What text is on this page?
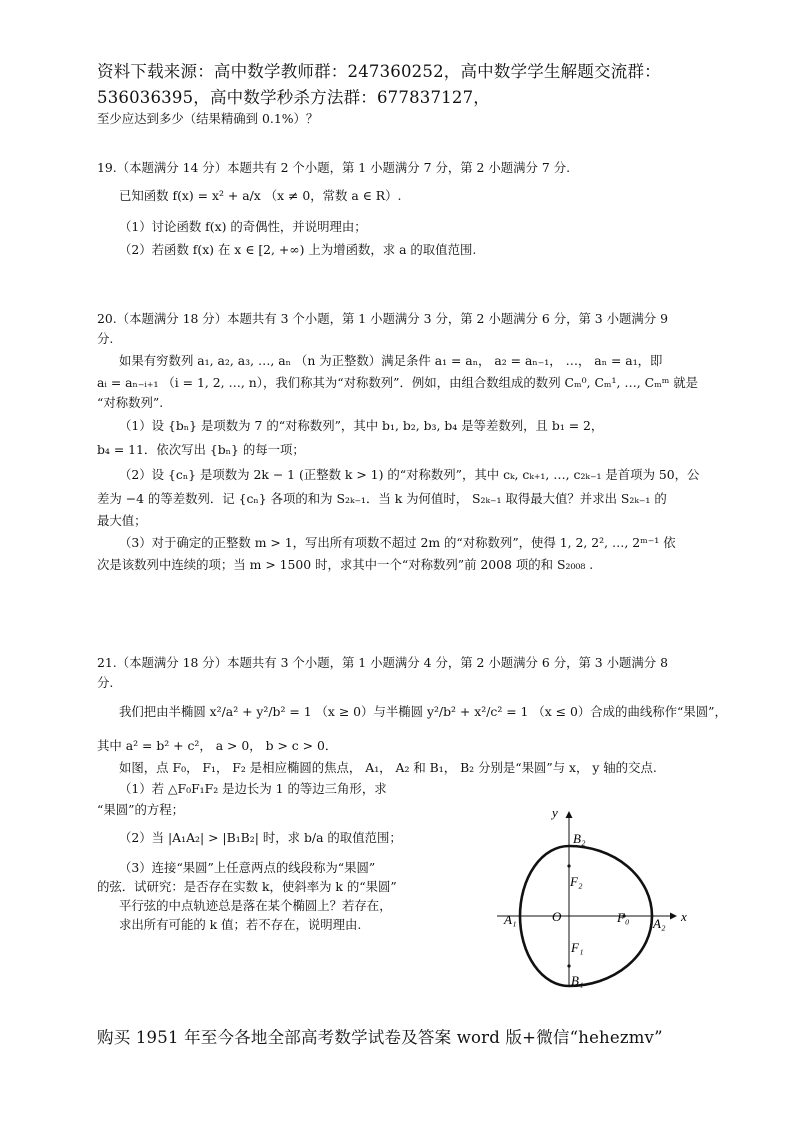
资料下载来源：高中数学教师群：247360252，高中数学学生解题交流群：
536036395，高中数学秒杀方法群：677837127，
至少应达到多少（结果精确到 0.1%）？
19.（本题满分 14 分）本题共有 2 个小题，第 1 小题满分 7 分，第 2 小题满分 7 分.
已知函数 f(x) = x² + a/x （x ≠ 0，常数 a ∈ R）.
（1）讨论函数 f(x) 的奇偶性，并说明理由；
（2）若函数 f(x) 在 x ∈ [2, +∞) 上为增函数，求 a 的取值范围.
20.（本题满分 18 分）本题共有 3 个小题，第 1 小题满分 3 分，第 2 小题满分 6 分，第 3 小题满分 9
分.
如果有穷数列 a₁, a₂, a₃, …, aₙ （n 为正整数）满足条件 a₁ = aₙ， a₂ = aₙ₋₁， …， aₙ = a₁，即
aᵢ = aₙ₋ᵢ₊₁ （i = 1, 2, …, n），我们称其为“对称数列”．例如，由组合数组成的数列 Cₘ⁰, Cₘ¹, …, Cₘᵐ 就是
“对称数列”.
（1）设 {bₙ} 是项数为 7 的“对称数列”，其中 b₁, b₂, b₃, b₄ 是等差数列，且 b₁ = 2，
b₄ = 11．依次写出 {bₙ} 的每一项；
（2）设 {cₙ} 是项数为 2k − 1 (正整数 k > 1) 的“对称数列”，其中 cₖ, cₖ₊₁, …, c₂ₖ₋₁ 是首项为 50，公
差为 −4 的等差数列．记 {cₙ} 各项的和为 S₂ₖ₋₁．当 k 为何值时， S₂ₖ₋₁ 取得最大值？并求出 S₂ₖ₋₁ 的
最大值；
（3）对于确定的正整数 m > 1，写出所有项数不超过 2m 的“对称数列”，使得 1, 2, 2², …, 2ᵐ⁻¹ 依
次是该数列中连续的项；当 m > 1500 时，求其中一个“对称数列”前 2008 项的和 S₂₀₀₈ .
21.（本题满分 18 分）本题共有 3 个小题，第 1 小题满分 4 分，第 2 小题满分 6 分，第 3 小题满分 8
分.
我们把由半椭圆 x²/a² + y²/b² = 1 （x ≥ 0）与半椭圆 y²/b² + x²/c² = 1 （x ≤ 0）合成的曲线称作“果圆”，
其中 a² = b² + c²， a > 0， b > c > 0．
如图，点 F₀， F₁， F₂ 是相应椭圆的焦点， A₁， A₂ 和 B₁， B₂ 分别是“果圆”与 x， y 轴的交点.
（1）若 △F₀F₁F₂ 是边长为 1 的等边三角形，求
“果圆”的方程；
（2）当 |A₁A₂| > |B₁B₂| 时，求 b/a 的取值范围；
（3）连接“果圆”上任意两点的线段称为“果圆”
的弦．试研究：是否存在实数 k，使斜率为 k 的“果圆”
平行弦的中点轨迹总是落在某个椭圆上？若存在，
求出所有可能的 k 值；若不存在，说明理由.
y
x
O
A₁	A₂
B₂
B₁
F₂
F₁
F₀
购买 1951 年至今各地全部高考数学试卷及答案 word 版+微信“hehezmv”
